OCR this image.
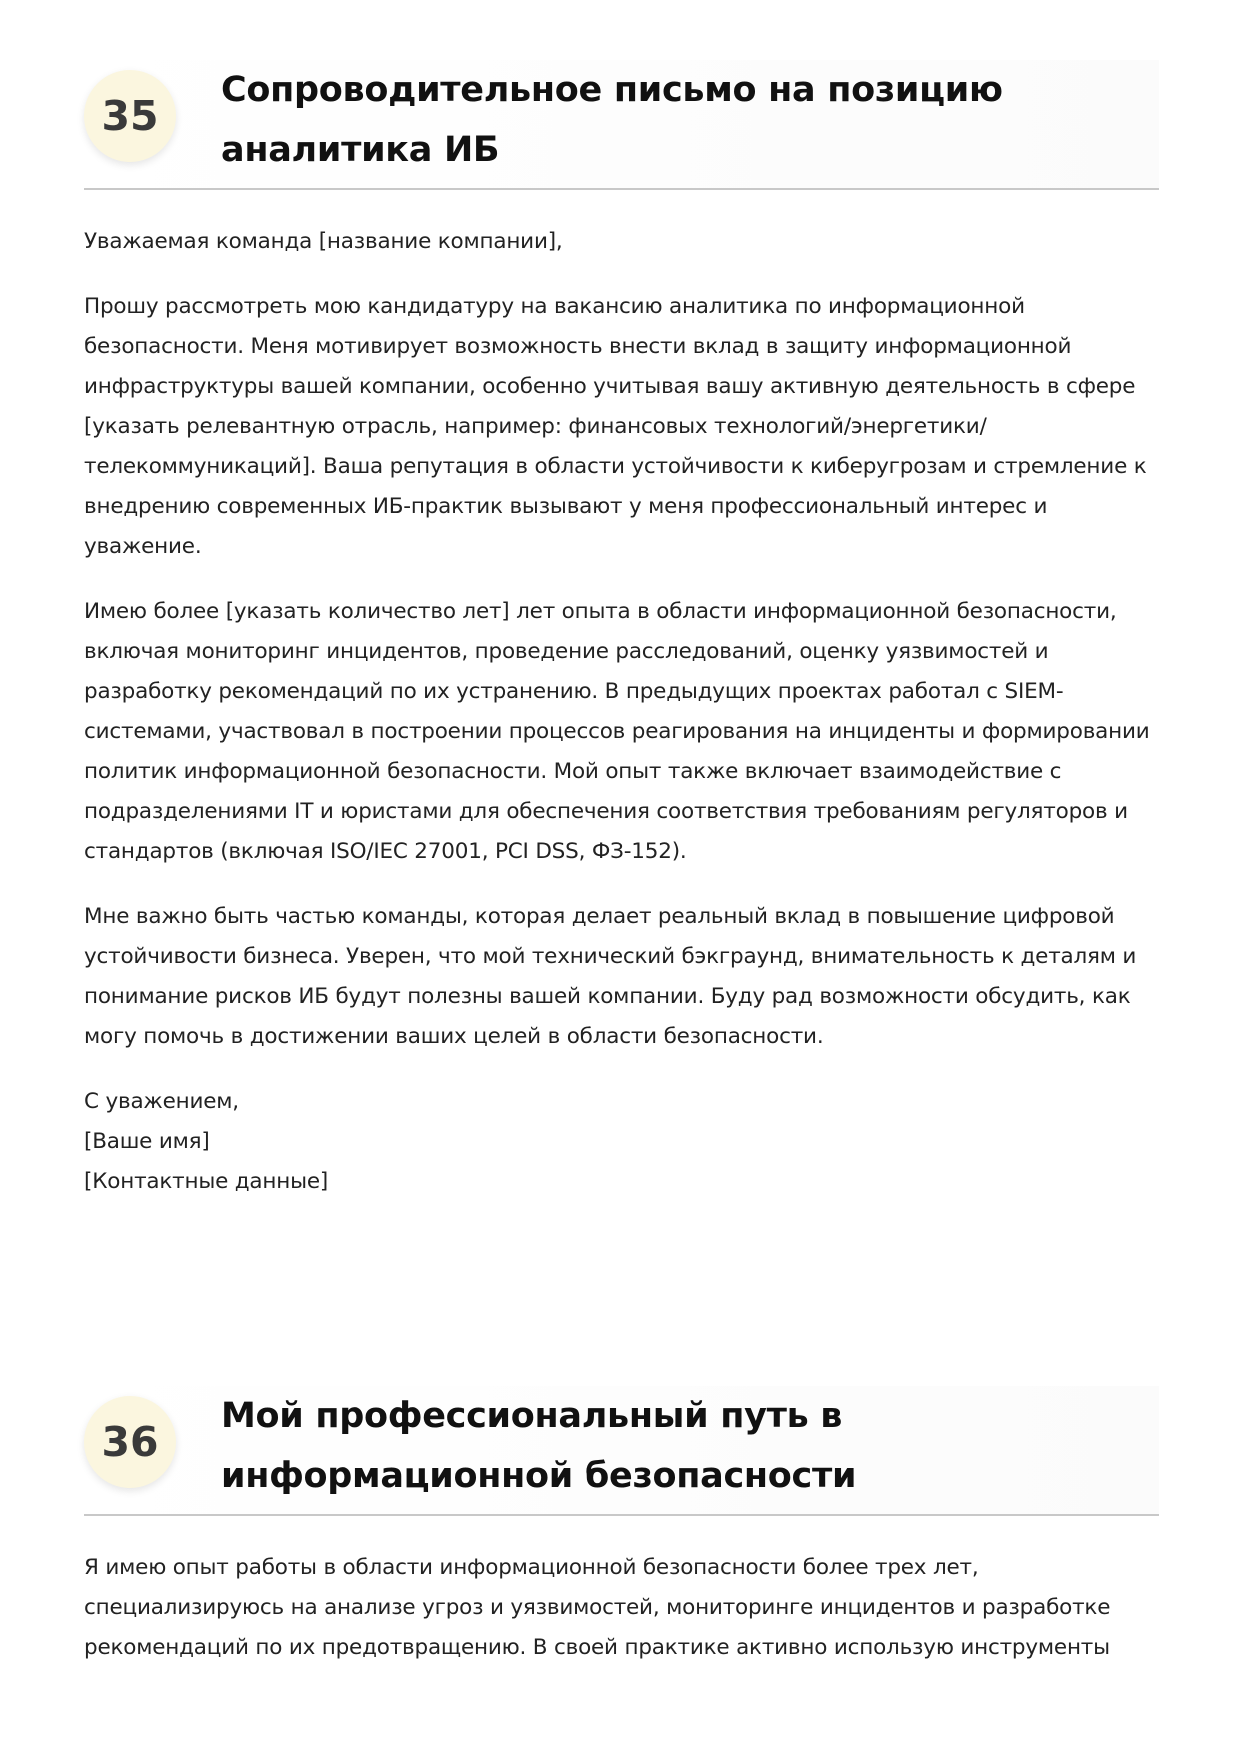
35
Сопроводительное письмо на позицию аналитика ИБ

Уважаемая команда [название компании],

Прошу рассмотреть мою кандидатуру на вакансию аналитика по информационной безопасности. Меня мотивирует возможность внести вклад в защиту информационной инфраструктуры вашей компании, особенно учитывая вашу активную деятельность в сфере [указать релевантную отрасль, например: финансовых технологий/энергетики/ телекоммуникаций]. Ваша репутация в области устойчивости к киберугрозам и стремление к внедрению современных ИБ-практик вызывают у меня профессиональный интерес и уважение.

Имею более [указать количество лет] лет опыта в области информационной безопасности, включая мониторинг инцидентов, проведение расследований, оценку уязвимостей и разработку рекомендаций по их устранению. В предыдущих проектах работал с SIEM-системами, участвовал в построении процессов реагирования на инциденты и формировании политик информационной безопасности. Мой опыт также включает взаимодействие с подразделениями IT и юристами для обеспечения соответствия требованиям регуляторов и стандартов (включая ISO/IEC 27001, PCI DSS, ФЗ-152).

Мне важно быть частью команды, которая делает реальный вклад в повышение цифровой устойчивости бизнеса. Уверен, что мой технический бэкграунд, внимательность к деталям и понимание рисков ИБ будут полезны вашей компании. Буду рад возможности обсудить, как могу помочь в достижении ваших целей в области безопасности.

С уважением,
[Ваше имя]
[Контактные данные]
36
Мой профессиональный путь в информационной безопасности

Я имею опыт работы в области информационной безопасности более трех лет, специализируюсь на анализе угроз и уязвимостей, мониторинге инцидентов и разработке рекомендаций по их предотвращению. В своей практике активно использую инструменты
